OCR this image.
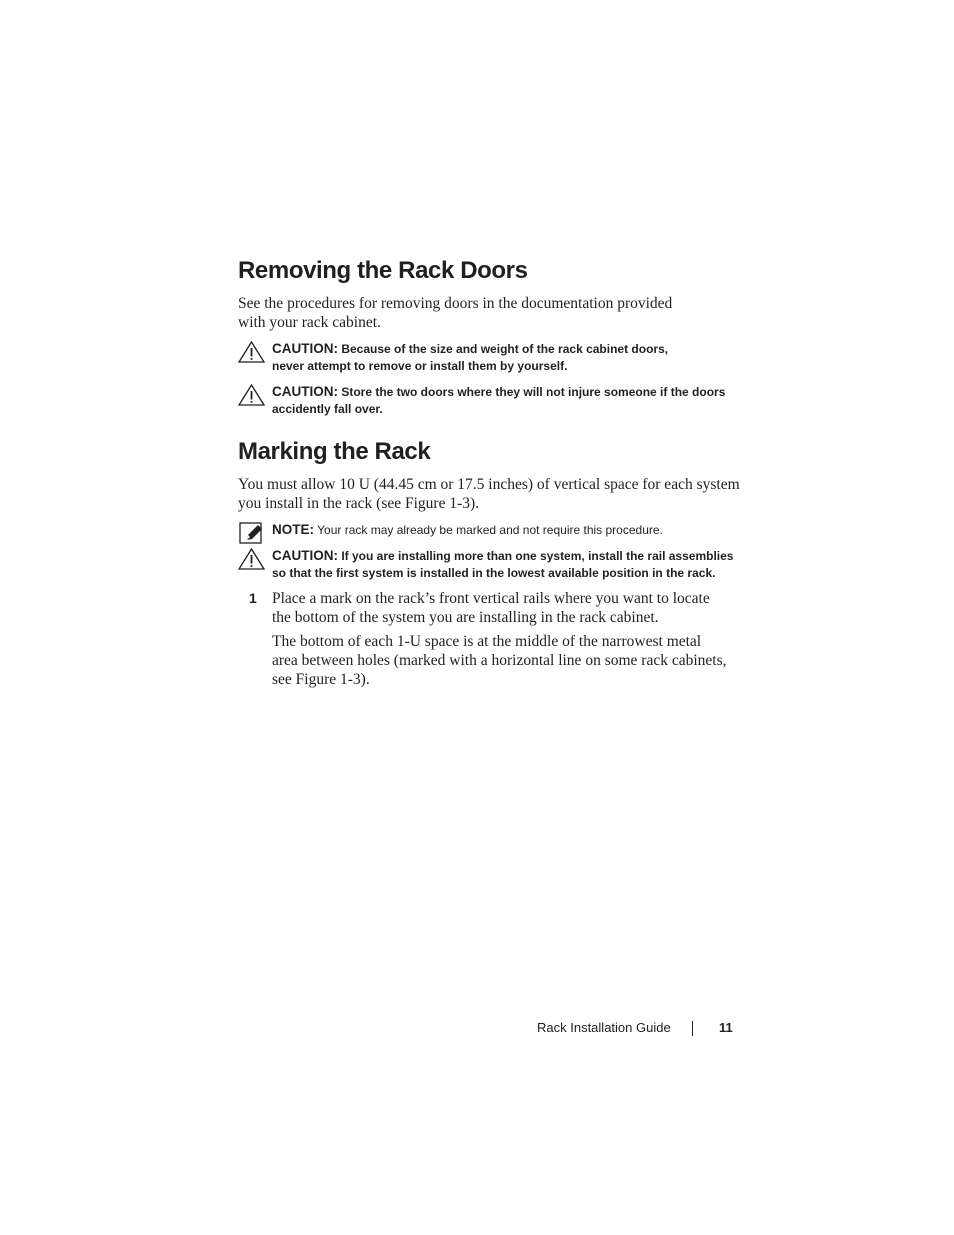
Removing the Rack Doors
See the procedures for removing doors in the documentation provided
with your rack cabinet.
CAUTION: Because of the size and weight of the rack cabinet doors,
never attempt to remove or install them by yourself.
CAUTION: Store the two doors where they will not injure someone if the doors
accidently fall over.
Marking the Rack
You must allow 10 U (44.45 cm or 17.5 inches) of vertical space for each system
you install in the rack (see Figure 1-3).
NOTE: Your rack may already be marked and not require this procedure.
CAUTION: If you are installing more than one system, install the rail assemblies
so that the first system is installed in the lowest available position in the rack.
1 Place a mark on the rack’s front vertical rails where you want to locate
the bottom of the system you are installing in the rack cabinet.
The bottom of each 1-U space is at the middle of the narrowest metal
area between holes (marked with a horizontal line on some rack cabinets,
see Figure 1-3).
Rack Installation Guide	11
